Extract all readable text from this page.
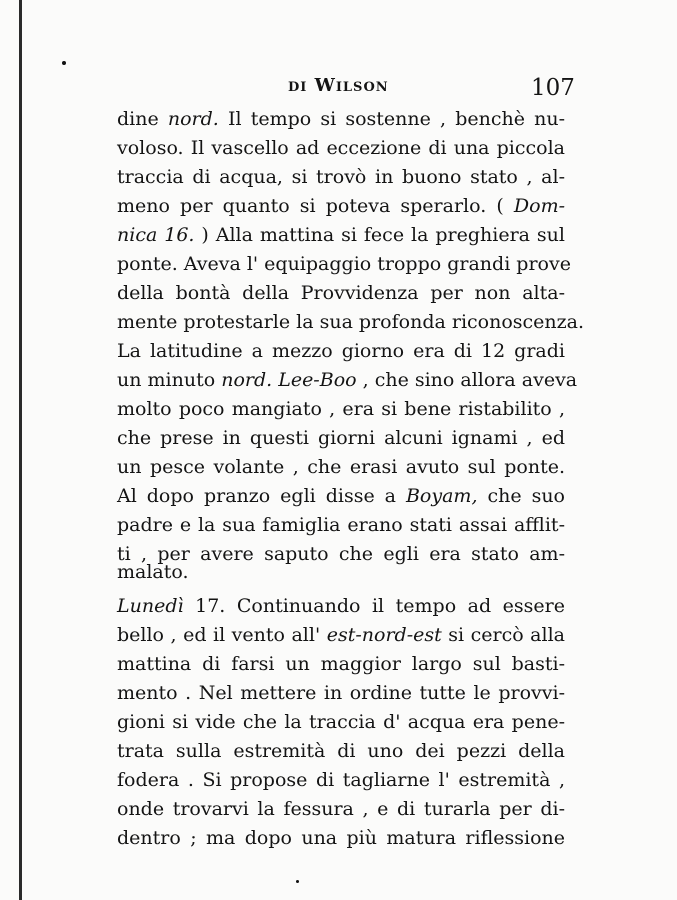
di Wilson	107
dine nord. Il tempo si sostenne , benchè nu-
voloso. Il vascello ad eccezione di una piccola
traccia di acqua, si trovò in buono stato , al-
meno per quanto si poteva sperarlo. ( Dom-
nica 16. ) Alla mattina si fece la preghiera sul
ponte. Aveva l' equipaggio troppo grandi prove
della bontà della Provvidenza per non alta-
mente protestarle la sua profonda riconoscenza.
La latitudine a mezzo giorno era di 12 gradi
un minuto nord. Lee-Boo , che sino allora aveva
molto poco mangiato , era si bene ristabilito ,
che prese in questi giorni alcuni ignami , ed
un pesce volante , che erasi avuto sul ponte.
Al dopo pranzo egli disse a Boyam, che suo
padre e la sua famiglia erano stati assai afflit-
ti , per avere saputo che egli era stato am-
malato.
Lunedì 17. Continuando il tempo ad essere
bello , ed il vento all' est-nord-est si cercò alla
mattina di farsi un maggior largo sul basti-
mento . Nel mettere in ordine tutte le provvi-
gioni si vide che la traccia d' acqua era pene-
trata sulla estremità di uno dei pezzi della
fodera . Si propose di tagliarne l' estremità ,
onde trovarvi la fessura , e di turarla per di-
dentro ; ma dopo una più matura riflessione
